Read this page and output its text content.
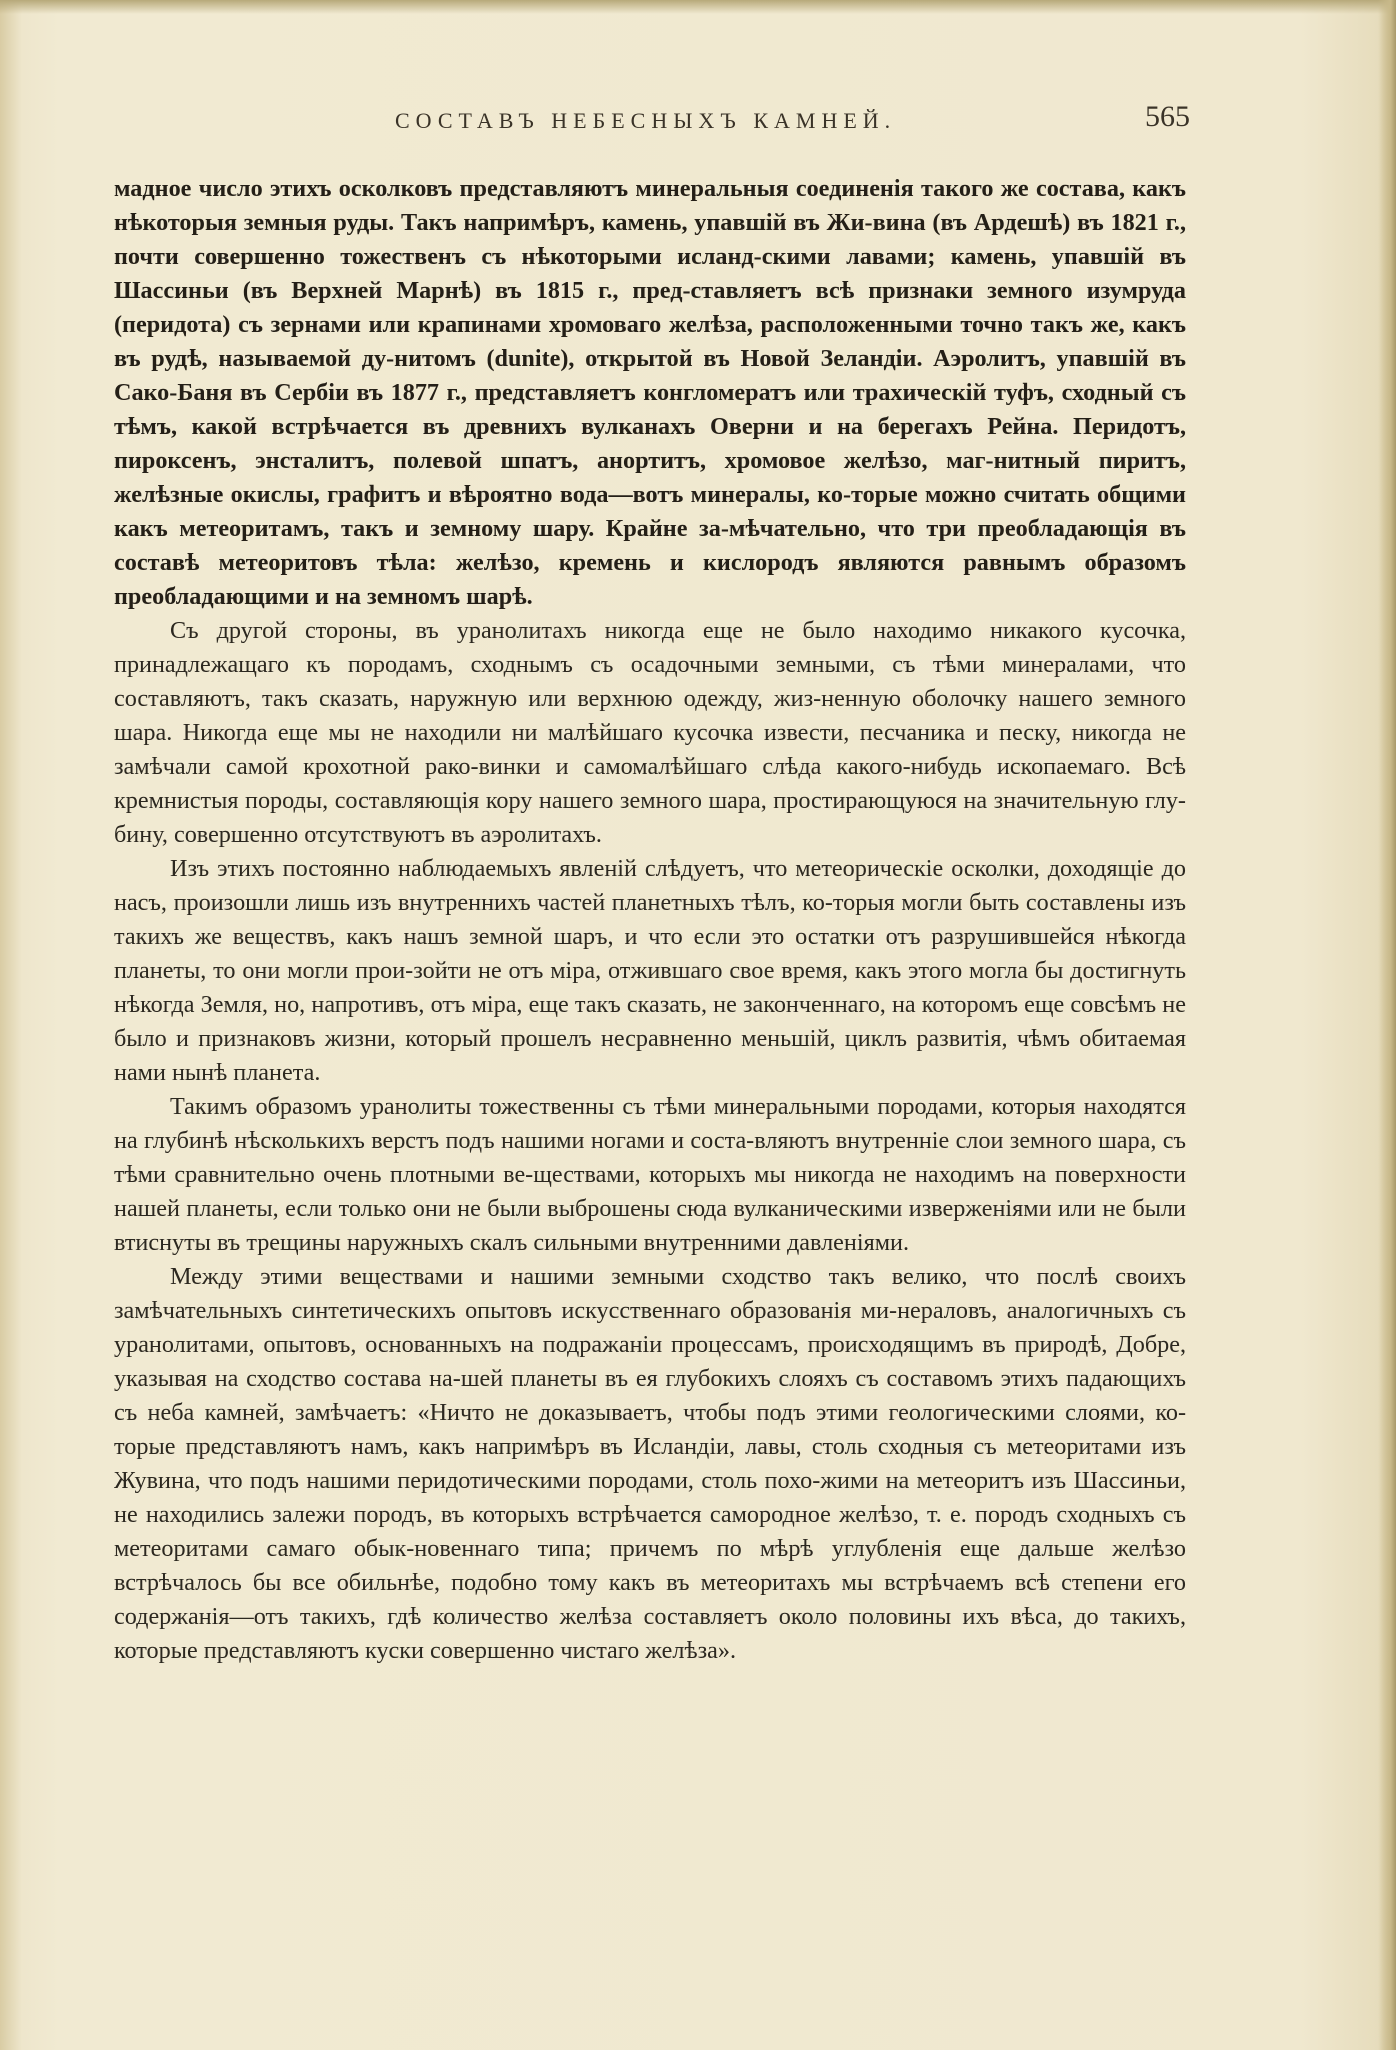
СОСТАВЪ НЕБЕСНЫХЪ КАМНЕЙ.	565

мадное число этихъ осколковъ представляютъ минеральныя соединенія такого же состава, какъ нѣкоторыя земныя руды. Такъ напримѣръ, камень, упавшій въ Жи-вина (въ Ардешѣ) въ 1821 г., почти совершенно тожественъ съ нѣкоторыми исланд-скими лавами; камень, упавшій въ Шассиньи (въ Верхней Марнѣ) въ 1815 г., пред-ставляетъ всѣ признаки земного изумруда (перидота) съ зернами или крапинами хромоваго желѣза, расположенными точно такъ же, какъ въ рудѣ, называемой ду-нитомъ (dunite), открытой въ Новой Зеландіи. Аэролитъ, упавшій въ Сако-Баня въ Сербіи въ 1877 г., представляетъ конгломератъ или трахическій туфъ, сходный съ тѣмъ, какой встрѣчается въ древнихъ вулканахъ Оверни и на берегахъ Рейна. Перидотъ, пироксенъ, энсталитъ, полевой шпатъ, анортитъ, хромовое желѣзо, маг-нитный пиритъ, желѣзные окислы, графитъ и вѣроятно вода—вотъ минералы, ко-торые можно считать общими какъ метеоритамъ, такъ и земному шару. Крайне за-мѣчательно, что три преобладающія въ составѣ метеоритовъ тѣла: желѣзо, кремень и кислородъ являются равнымъ образомъ преобладающими и на земномъ шарѣ.

Съ другой стороны, въ уранолитахъ никогда еще не было находимо никакого кусочка, принадлежащаго къ породамъ, сходнымъ съ осадочными земными, съ тѣми минералами, что составляютъ, такъ сказать, наружную или верхнюю одежду, жиз-ненную оболочку нашего земного шара. Никогда еще мы не находили ни малѣйшаго кусочка извести, песчаника и песку, никогда не замѣчали самой крохотной рако-винки и самомалѣйшаго слѣда какого-нибудь ископаемаго. Всѣ кремнистыя породы, составляющія кору нашего земного шара, простирающуюся на значительную глу-бину, совершенно отсутствуютъ въ аэролитахъ.

Изъ этихъ постоянно наблюдаемыхъ явленій слѣдуетъ, что метеорическіе осколки, доходящіе до насъ, произошли лишь изъ внутреннихъ частей планетныхъ тѣлъ, ко-торыя могли быть составлены изъ такихъ же веществъ, какъ нашъ земной шаръ, и что если это остатки отъ разрушившейся нѣкогда планеты, то они могли прои-зойти не отъ міра, отжившаго свое время, какъ этого могла бы достигнуть нѣкогда Земля, но, напротивъ, отъ міра, еще такъ сказать, не законченнаго, на которомъ еще совсѣмъ не было и признаковъ жизни, который прошелъ несравненно меньшій, циклъ развитія, чѣмъ обитаемая нами нынѣ планета.

Такимъ образомъ уранолиты тожественны съ тѣми минеральными породами, которыя находятся на глубинѣ нѣсколькихъ верстъ подъ нашими ногами и соста-вляютъ внутренніе слои земного шара, съ тѣми сравнительно очень плотными ве-ществами, которыхъ мы никогда не находимъ на поверхности нашей планеты, если только они не были выброшены сюда вулканическими изверженіями или не были втиснуты въ трещины наружныхъ скалъ сильными внутренними давленіями.

Между этими веществами и нашими земными сходство такъ велико, что послѣ своихъ замѣчательныхъ синтетическихъ опытовъ искусственнаго образованія ми-нераловъ, аналогичныхъ съ уранолитами, опытовъ, основанныхъ на подражаніи процессамъ, происходящимъ въ природѣ, Добре, указывая на сходство состава на-шей планеты въ ея глубокихъ слояхъ съ составомъ этихъ падающихъ съ неба камней, замѣчаетъ: «Ничто не доказываетъ, чтобы подъ этими геологическими слоями, ко-торые представляютъ намъ, какъ напримѣръ въ Исландіи, лавы, столь сходныя съ метеоритами изъ Жувина, что подъ нашими перидотическими породами, столь похо-жими на метеоритъ изъ Шассиньи, не находились залежи породъ, въ которыхъ встрѣчается самородное желѣзо, т. е. породъ сходныхъ съ метеоритами самаго обык-новеннаго типа; причемъ по мѣрѣ углубленія еще дальше желѣзо встрѣчалось бы все обильнѣе, подобно тому какъ въ метеоритахъ мы встрѣчаемъ всѣ степени его содержанія—отъ такихъ, гдѣ количество желѣза составляетъ около половины ихъ вѣса, до такихъ, которые представляютъ куски совершенно чистаго желѣза».
